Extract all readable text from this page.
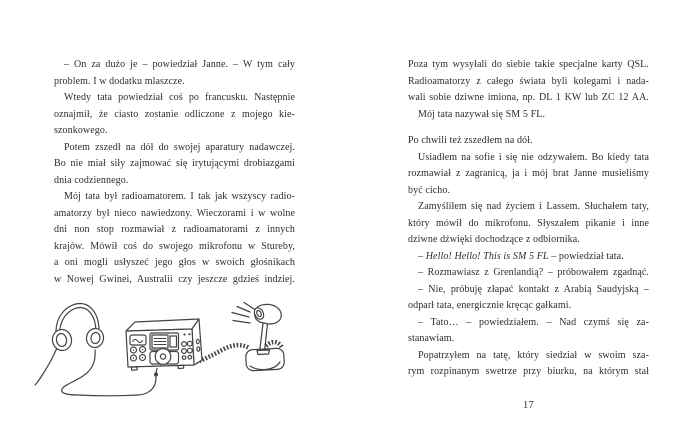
– On za dużo je – powiedział Janne. – W tym cały
problem. I w dodatku mlaszcze.
Wtedy tata powiedział coś po francusku. Następnie
oznajmił, że ciasto zostanie odliczone z mojego kie-
szonkowego.
Potem zszedł na dół do swojej aparatury nadawczej.
Bo nie miał siły zajmować się irytującymi drobiazgami
dnia codziennego.
Mój tata był radioamatorem. I tak jak wszyscy radio-
amatorzy był nieco nawiedzony. Wieczorami i w wolne
dni non stop rozmawiał z radioamatorami z innych
krajów. Mówił coś do swojego mikrofonu w Stureby,
a oni mogli usłyszeć jego głos w swoich głośnikach
w Nowej Gwinei, Australii czy jeszcze gdzieś indziej.
Poza tym wysyłali do siebie takie specjalne karty QSL.
Radioamatorzy z całego świata byli kolegami i nada-
wali sobie dziwne imiona, np. DL 1 KW lub ZC 12 AA.
Mój tata nazywał się SM 5 FL.
Po chwili też zszedłem na dół.
Usiadłem na sofie i się nie odzywałem. Bo kiedy tata
rozmawiał z zagranicą, ja i mój brat Janne musieliśmy
być cicho.
Zamyśliłem się nad życiem i Lassem. Słuchałem taty,
który mówił do mikrofonu. Słyszałem pikanie i inne
dziwne dźwięki dochodzące z odbiornika.
– Hello! Hello! This is SM 5 FL – powiedział tata.
– Rozmawiasz z Grenlandią? – próbowałem zgadnąć.
– Nie, próbuję złapać kontakt z Arabią Saudyjską –
odparł tata, energicznie kręcąc gałkami.
– Tato… – powiedziałem. – Nad czymś się za-
stanawiam.
Popatrzyłem na tatę, który siedział w swoim sza-
rym rozpinanym swetrze przy biurku, na którym stał
17
